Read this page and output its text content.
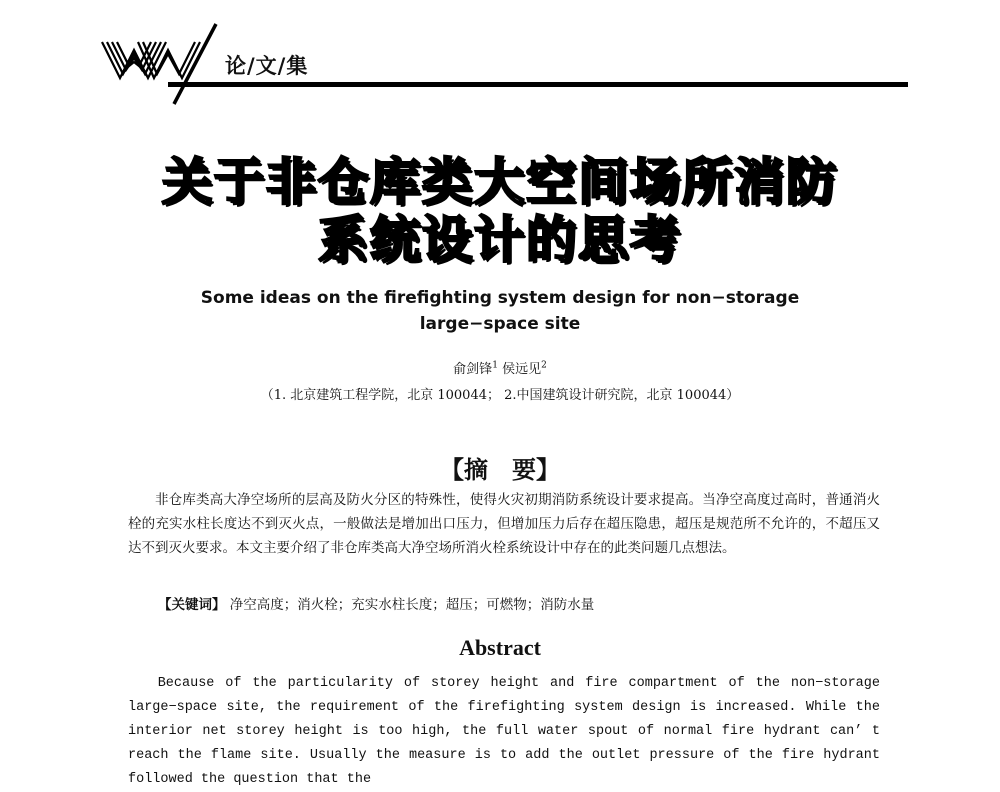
论/文/集
关于非仓库类大空间场所消防
系统设计的思考
Some ideas on the firefighting system design for non−storage
large−space site
俞剑锋$^1$ 侯远见$^2$
（1. 北京建筑工程学院，北京 100044； 2.中国建筑设计研究院，北京 100044）
【摘　要】

非仓库类高大净空场所的层高及防火分区的特殊性，使得火灾初期消防系统设计要求提高。当净空高度过高时，普通消火栓的充实水柱长度达不到灭火点，一般做法是增加出口压力，但增加压力后存在超压隐患，超压是规范所不允许的，不超压又达不到灭火要求。本文主要介绍了非仓库类高大净空场所消火栓系统设计中存在的此类问题几点想法。

【关键词】 净空高度；消火栓；充实水柱长度；超压；可燃物；消防水量
Abstract

Because of the particularity of storey height and fire compartment of the non−storage large−space site, the requirement of the firefighting system design is increased. While the interior net storey height is too high, the full water spout of normal fire hydrant can’ t reach the flame site. Usually the measure is to add the outlet pressure of the fire hydrant followed the question that the
